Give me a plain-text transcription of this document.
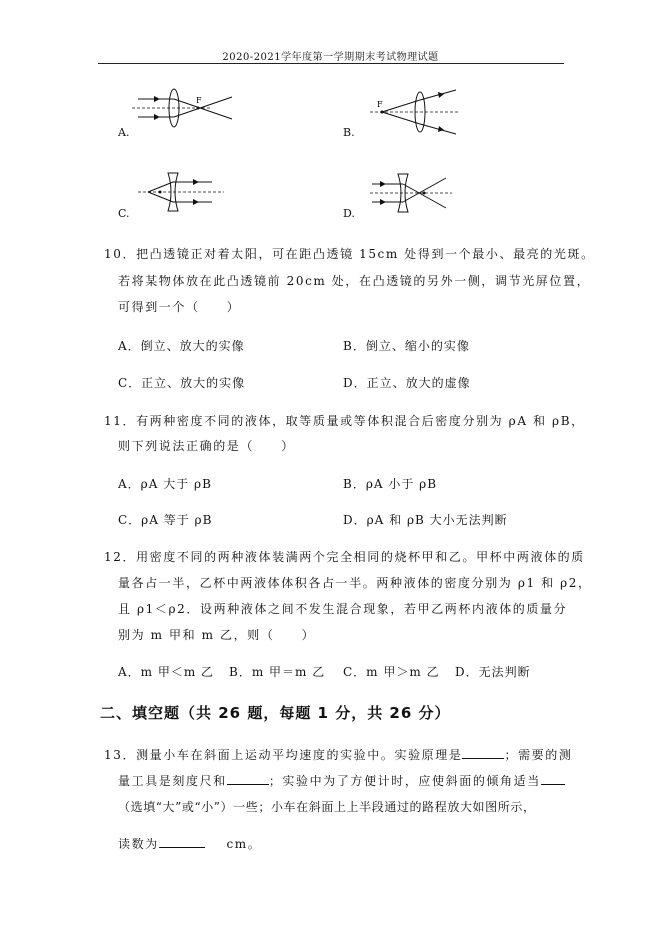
2020-2021学年度第一学期期末考试物理试题
F
A.
F
B.
C.	D.
10．把凸透镜正对着太阳，可在距凸透镜 15cm 处得到一个最小、最亮的光斑。
若将某物体放在此凸透镜前 20cm 处，在凸透镜的另外一侧，调节光屏位置，
可得到一个（　　）
A．倒立、放大的实像	B．倒立、缩小的实像
C．正立、放大的实像	D．正立、放大的虚像
11．有两种密度不同的液体，取等质量或等体积混合后密度分别为 ρA 和 ρB，
则下列说法正确的是（　　）
A．ρA 大于 ρB	B．ρA 小于 ρB
C．ρA 等于 ρB	D．ρA 和 ρB 大小无法判断
12．用密度不同的两种液体装满两个完全相同的烧杯甲和乙。甲杯中两液体的质
量各占一半，乙杯中两液体体积各占一半。两种液体的密度分别为 ρ1 和 ρ2，
且 ρ1＜ρ2．设两种液体之间不发生混合现象，若甲乙两杯内液体的质量分
别为 m 甲和 m 乙，则（　　）
A．m 甲＜m 乙 B．m 甲＝m 乙 C．m 甲＞m 乙 D．无法判断
二、填空题（共 26 题，每题 1 分，共 26 分）
13．测量小车在斜面上运动平均速度的实验中。实验原理是	；需要的测
量工具是刻度尺和	；实验中为了方便计时，应使斜面的倾角适当
（选填“大”或“小”）一些；小车在斜面上上半段通过的路程放大如图所示，
读数为	cm。
